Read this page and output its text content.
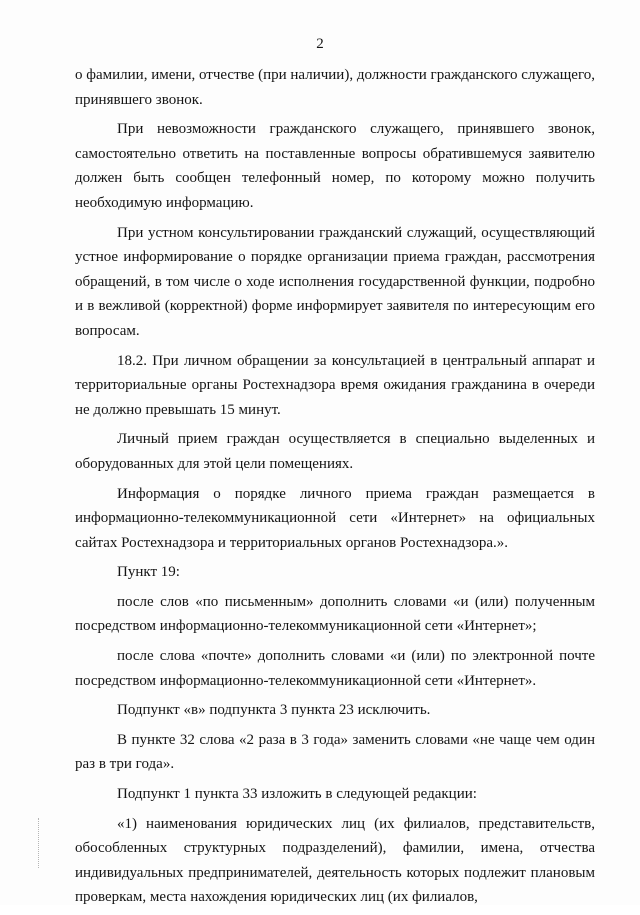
2

о фамилии, имени, отчестве (при наличии), должности гражданского служащего, принявшего звонок.

При невозможности гражданского служащего, принявшего звонок, самостоятельно ответить на поставленные вопросы обратившемуся заявителю должен быть сообщен телефонный номер, по которому можно получить необходимую информацию.

При устном консультировании гражданский служащий, осуществляющий устное информирование о порядке организации приема граждан, рассмотрения обращений, в том числе о ходе исполнения государственной функции, подробно и в вежливой (корректной) форме информирует заявителя по интересующим его вопросам.

18.2. При личном обращении за консультацией в центральный аппарат и территориальные органы Ростехнадзора время ожидания гражданина в очереди не должно превышать 15 минут.

Личный прием граждан осуществляется в специально выделенных и оборудованных для этой цели помещениях.

Информация о порядке личного приема граждан размещается в информационно-телекоммуникационной сети «Интернет» на официальных сайтах Ростехнадзора и территориальных органов Ростехнадзора.».

Пункт 19:

после слов «по письменным» дополнить словами «и (или) полученным посредством информационно-телекоммуникационной сети «Интернет»;

после слова «почте» дополнить словами «и (или) по электронной почте посредством информационно-телекоммуникационной сети «Интернет».

Подпункт «в» подпункта 3 пункта 23 исключить.

В пункте 32 слова «2 раза в 3 года» заменить словами «не чаще чем один раз в три года».

Подпункт 1 пункта 33 изложить в следующей редакции:

«1) наименования юридических лиц (их филиалов, представительств, обособленных структурных подразделений), фамилии, имена, отчества индивидуальных предпринимателей, деятельность которых подлежит плановым проверкам, места нахождения юридических лиц (их филиалов,
